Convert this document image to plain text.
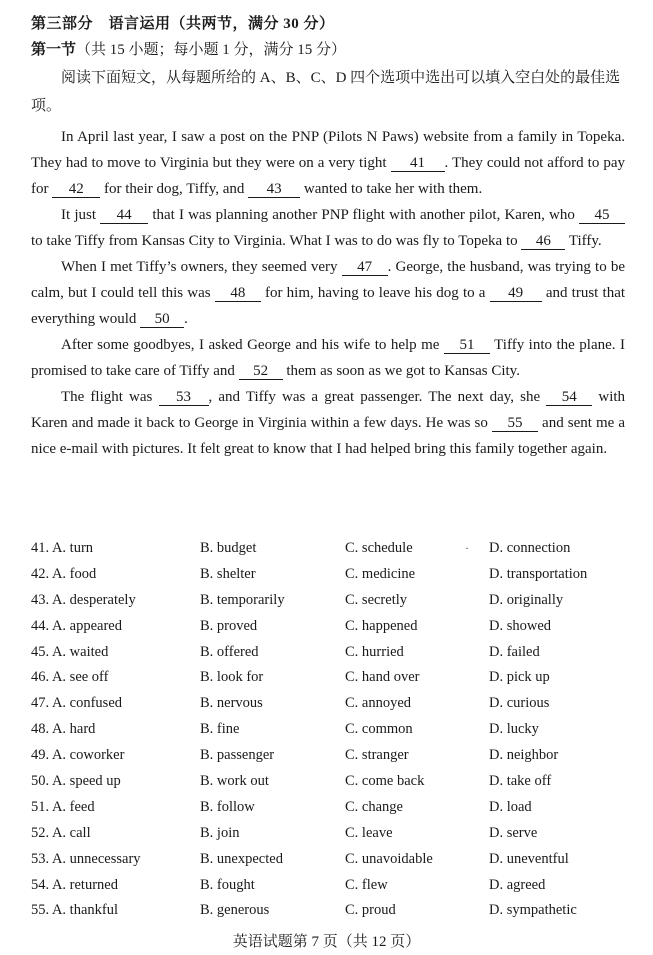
第三部分　语言运用（共两节，满分 30 分）
第一节（共 15 小题；每小题 1 分，满分 15 分）
阅读下面短文，从每题所给的 A、B、C、D 四个选项中选出可以填入空白处的最佳选项。

In April last year, I saw a post on the PNP (Pilots N Paws) website from a family in Topeka. They had to move to Virginia but they were on a very tight 41 . They could not afford to pay for 42 for their dog, Tiffy, and 43 wanted to take her with them.

It just 44 that I was planning another PNP flight with another pilot, Karen, who 45 to take Tiffy from Kansas City to Virginia. What I was to do was fly to Topeka to 46 Tiffy.

When I met Tiffy’s owners, they seemed very 47 . George, the husband, was trying to be calm, but I could tell this was 48 for him, having to leave his dog to a 49 and trust that everything would 50 .

After some goodbyes, I asked George and his wife to help me 51 Tiffy into the plane. I promised to take care of Tiffy and 52 them as soon as we got to Kansas City.

The flight was 53 , and Tiffy was a great passenger. The next day, she 54 with Karen and made it back to George in Virginia within a few days. He was so 55 and sent me a nice e-mail with pictures. It felt great to know that I had helped bring this family together again.

·
41. A. turn	B. budget	C. schedule	D. connection
42. A. food	B. shelter	C. medicine	D. transportation
43. A. desperately	B. temporarily	C. secretly	D. originally
44. A. appeared	B. proved	C. happened	D. showed
45. A. waited	B. offered	C. hurried	D. failed
46. A. see off	B. look for	C. hand over	D. pick up
47. A. confused	B. nervous	C. annoyed	D. curious
48. A. hard	B. fine	C. common	D. lucky
49. A. coworker	B. passenger	C. stranger	D. neighbor
50. A. speed up	B. work out	C. come back	D. take off
51. A. feed	B. follow	C. change	D. load
52. A. call	B. join	C. leave	D. serve
53. A. unnecessary	B. unexpected	C. unavoidable	D. uneventful
54. A. returned	B. fought	C. flew	D. agreed
55. A. thankful	B. generous	C. proud	D. sympathetic
英语试题第 7 页（共 12 页）
